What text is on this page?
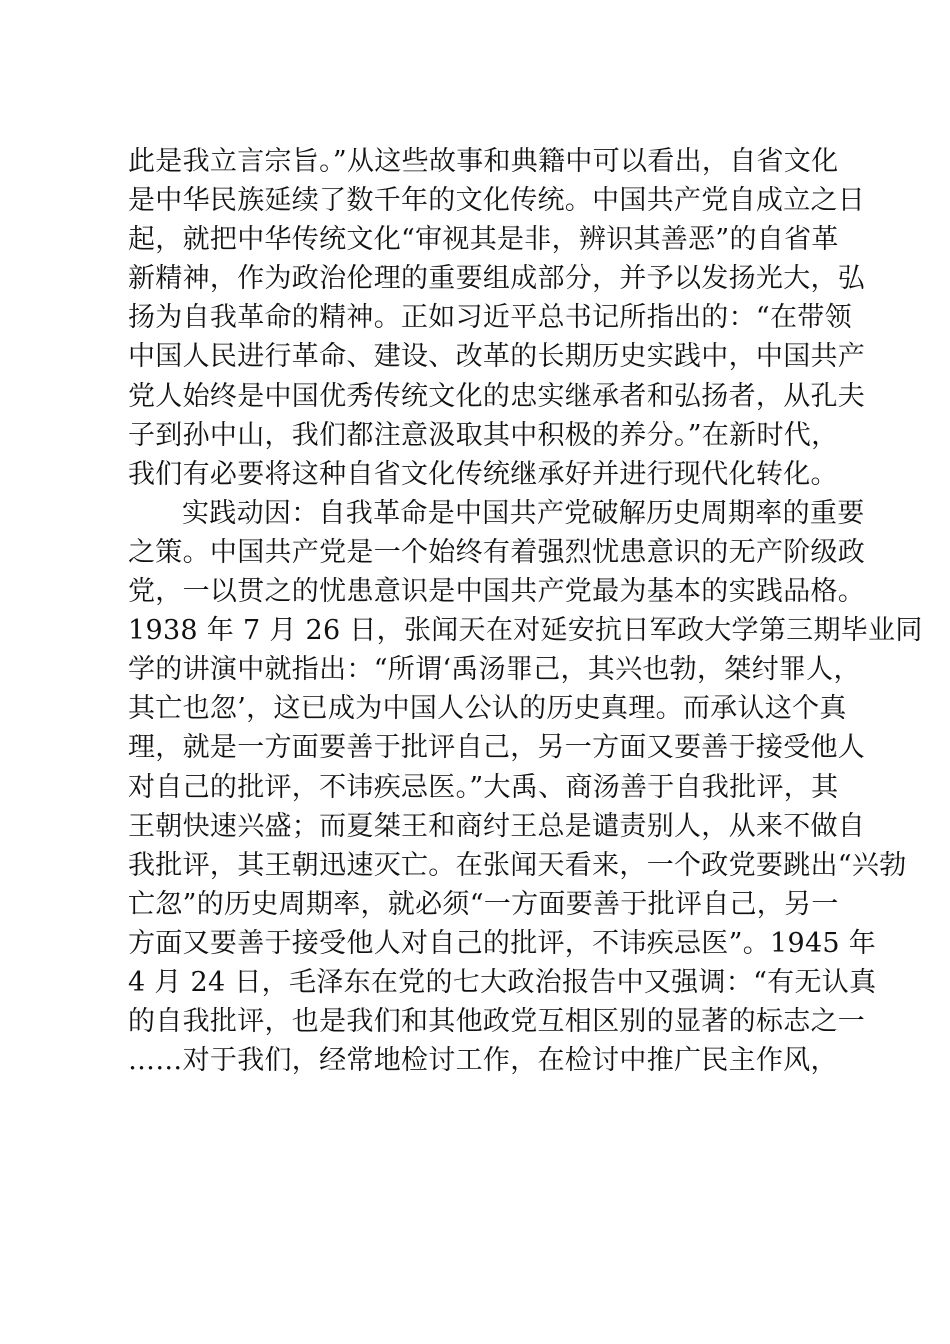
此是我立言宗旨。”从这些故事和典籍中可以看出，自省文化
是中华民族延续了数千年的文化传统。中国共产党自成立之日
起，就把中华传统文化“审视其是非，辨识其善恶”的自省革
新精神，作为政治伦理的重要组成部分，并予以发扬光大，弘
扬为自我革命的精神。正如习近平总书记所指出的：“在带领
中国人民进行革命、建设、改革的长期历史实践中，中国共产
党人始终是中国优秀传统文化的忠实继承者和弘扬者，从孔夫
子到孙中山，我们都注意汲取其中积极的养分。”在新时代，
我们有必要将这种自省文化传统继承好并进行现代化转化。
实践动因：自我革命是中国共产党破解历史周期率的重要
之策。中国共产党是一个始终有着强烈忧患意识的无产阶级政
党，一以贯之的忧患意识是中国共产党最为基本的实践品格。
1938 年 7 月 26 日，张闻天在对延安抗日军政大学第三期毕业同
学的讲演中就指出：“所谓‘禹汤罪己，其兴也勃，桀纣罪人，
其亡也忽’，这已成为中国人公认的历史真理。而承认这个真
理，就是一方面要善于批评自己，另一方面又要善于接受他人
对自己的批评，不讳疾忌医。”大禹、商汤善于自我批评，其
王朝快速兴盛；而夏桀王和商纣王总是谴责别人，从来不做自
我批评，其王朝迅速灭亡。在张闻天看来，一个政党要跳出“兴勃
亡忽”的历史周期率，就必须“一方面要善于批评自己，另一
方面又要善于接受他人对自己的批评，不讳疾忌医”。1945 年
4 月 24 日，毛泽东在党的七大政治报告中又强调：“有无认真
的自我批评，也是我们和其他政党互相区别的显著的标志之一
……对于我们，经常地检讨工作，在检讨中推广民主作风，
